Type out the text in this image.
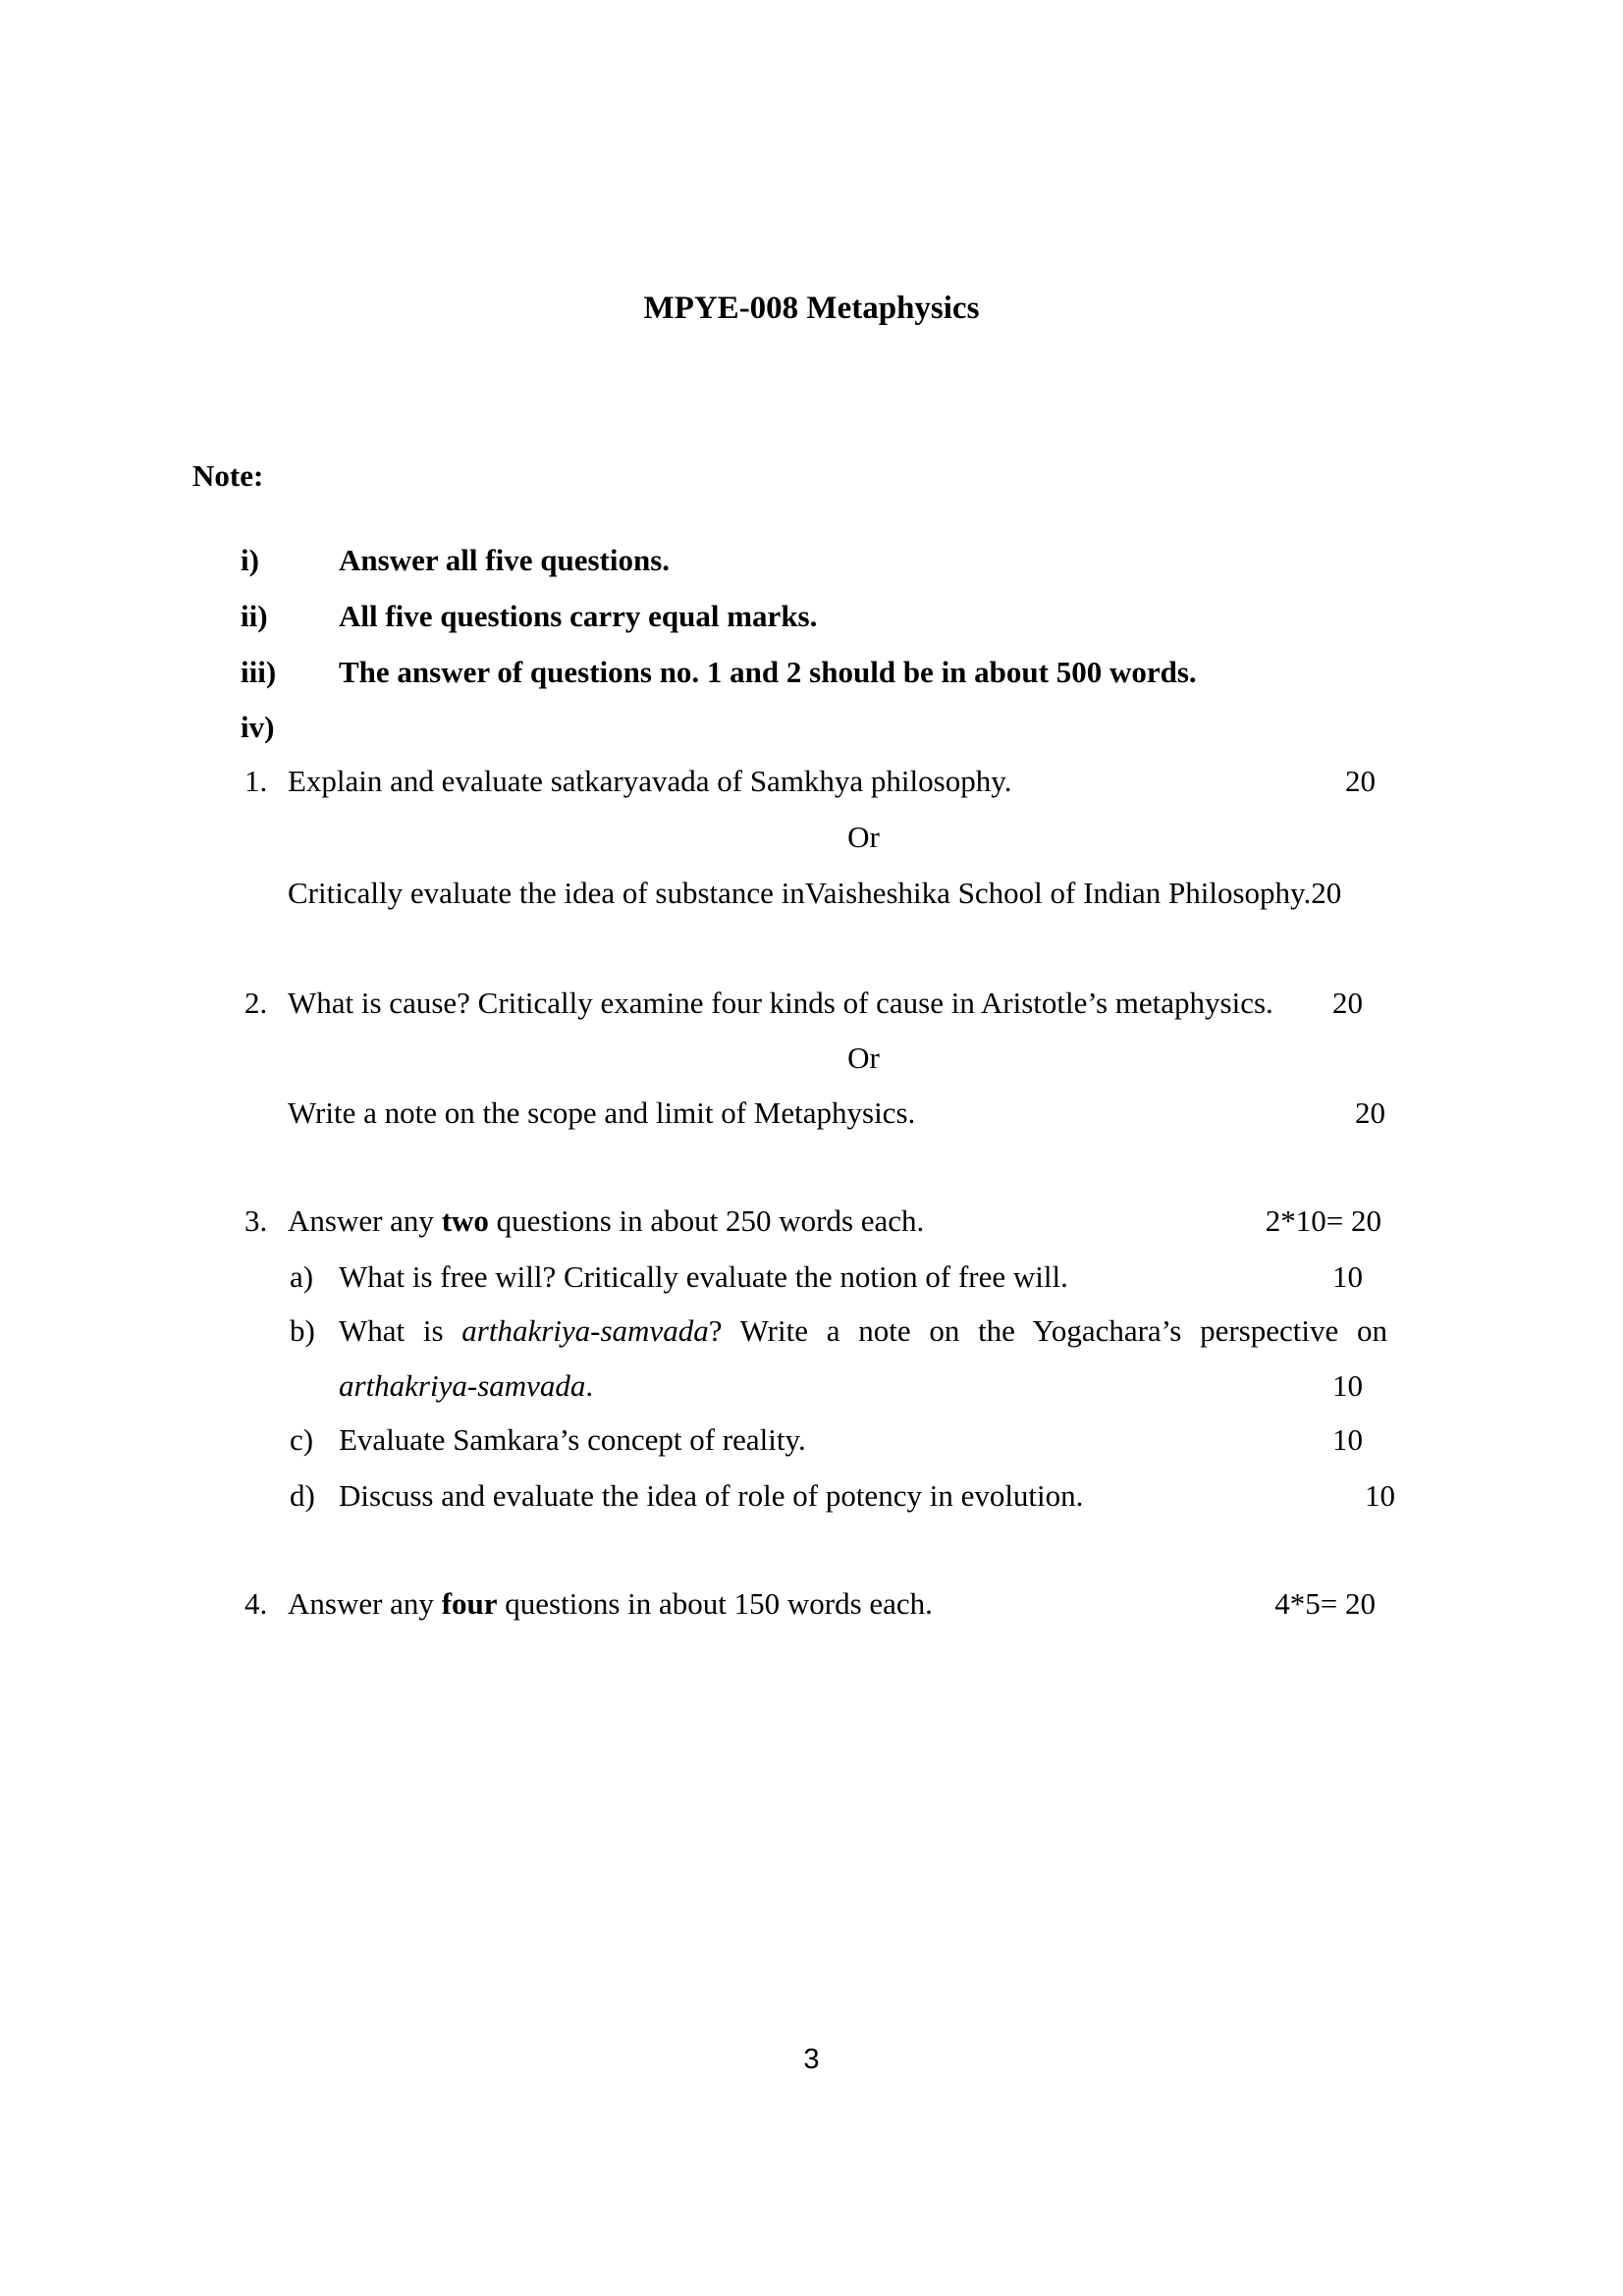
MPYE-008 Metaphysics
Note:
i)	Answer all five questions.
ii)	All five questions carry equal marks.
iii)	The answer of questions no. 1 and 2 should be in about 500 words.
iv)
1. Explain and evaluate satkaryavada of Samkhya philosophy.	20
Or
Critically evaluate the idea of substance inVaisheshika School of Indian Philosophy.20
2. What is cause? Critically examine four kinds of cause in Aristotle’s metaphysics.	20
Or
Write a note on the scope and limit of Metaphysics.	20
3. Answer any two questions in about 250 words each.	2*10= 20
a) What is free will? Critically evaluate the notion of free will.	10
b) What is arthakriya-samvada? Write a note on the Yogachara’s perspective on
arthakriya-samvada.	10
c) Evaluate Samkara’s concept of reality.	10
d) Discuss and evaluate the idea of role of potency in evolution.	10
4. Answer any four questions in about 150 words each.	4*5= 20
3
